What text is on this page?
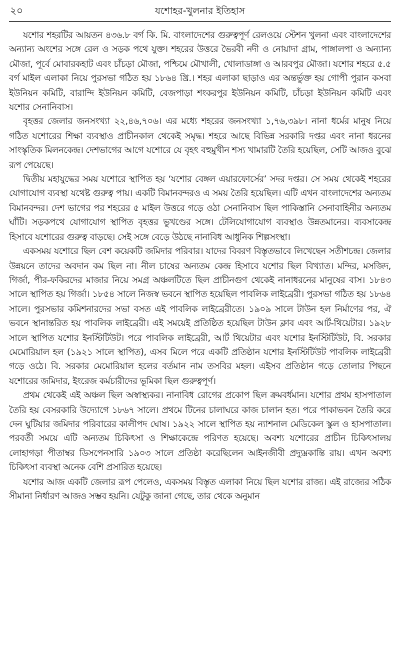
২০	যশোহর-খুলনার ইতিহাস

যশোর শহরটির আয়তন ৪৩৬.৮ বর্গ কি. মি. বাংলাদেশের গুরুত্বপূর্ণ রেলওয়ে স্টেশন খুলনা এবং বাংলাদেশের অন্যান্য অংশের সঙ্গে রেল ও সড়ক পথে যুক্ত। শহরের উত্তরে ভৈরবী নদী ও নোয়াদা গ্রাম, পাঙ্গালপা ও অন্যান্য মৌজা, পূর্বে মোবারকহাট এবং চাঁচড়া মৌজা, পশ্চিমে মৌখালী, খোলাডাঙ্গা ও আরবপুর মৌজা। যশোর শহরে ৫.৫ বর্গ মাইল এলাকা নিয়ে পুরসভা গঠিত হয় ১৮৬৪ খ্রি.। শহর এলাকা ছাড়াও এর অন্তর্ভুক্ত হয় গোপী পুরান কসবা ইউনিয়ন কমিটি, বারান্দি ইউনিয়ন কমিটি, বেজপাড়া শংকরপুর ইউনিয়ন কমিটি, চাঁচড়া ইউনিয়ন কমিটি এবং যশোর সেনানিবাস।

বৃহত্তর জেলার জনসংখ্যা ২২,৪৬,৭০৬। এর মধ্যে শহরের জনসংখ্যা ১,৭৬,৩৯৮। নানা ধর্মের মানুষ নিয়ে গঠিত যশোরের শিক্ষা ব্যবস্থাও প্রাচীনকাল থেকেই সমৃদ্ধ। শহরে আছে বিভিন্ন সরকারি দপ্তর এবং নানা ধরনের সাংস্কৃতিক মিলনকেন্দ্র। দেশভাগের আগে যশোরে যে বৃহৎ বহুমুখীন শস্য খামারটি তৈরি হয়েছিল, সেটি আজও বুঝে রূপ পেয়েছে।

দ্বিতীয় মহাযুদ্ধের সময় যশোরে স্থাপিত হয় ‘যশোর বেঙ্গল এয়ারফোর্সের’ সদর দপ্তর। সে সময় থেকেই শহরের যোগাযোগ ব্যবস্থা যথেষ্ট গুরুত্ব পায়। একটি বিমানবন্দরও এ সময় তৈরি হয়েছিল। এটি এখন বাংলাদেশের অন্যতম বিমানবন্দর। দেশ ভাগের পর শহরের ৫ মাইল উত্তরে গড়ে ওঠা সেনানিবাস ছিল পাকিস্তানি সেনাবাহিনীর অন্যতম ঘাঁটি। সড়কপথে যোগাযোগ স্থাপিত বৃহত্তর ভুখণ্ডের সঙ্গে। টেলিযোগাযোগ ব্যবস্থাও উন্নতমানের। ব্যবসাকেন্দ্র হিসাবে যশোরের গুরুত্ব বাড়ছে। সেই সঙ্গে বেড়ে উঠছে নানাবিধ আধুনিক শিল্পসংস্থা।

একসময় যশোরে ছিল বেশ কয়েকটি জমিদার পরিবার। যাদের বিবরণ বিস্তৃতভাবে লিখেছেন সতীশচন্দ্র। জেলার উন্নয়নে তাদের অবদান কম ছিল না। নীল চাষের অন্যতম কেন্দ্র হিসাবে যশোর ছিল বিখ্যাত। মন্দির, মসজিদ, গির্জা, পীর-ফকিরদের মাজার নিয়ে সমগ্র অঞ্চলটিতে ছিল প্রাচীনগুণ থেকেই নানাধরনের মানুষের বাস। ১৮৪৩ সালে স্থাপিত হয় গির্জা। ১৮৫৪ সালে নিজস্ব ভবনে স্থাপিত হয়েছিল পাবলিক লাইব্রেরী। পুরসভা গঠিত হয় ১৮৬৪ সালে। পুরসভার কমিশনারদের সভা বসত এই পাবলিক লাইব্রেরীতে। ১৯০৯ সালে টাউন হল নির্মাণের পর, ঐ ভবনে স্থানান্তরিত হয় পাবলিক লাইব্রেরী। এই সময়েই প্রতিষ্ঠিত হয়েছিল টাউন ক্লাব এবং আর্ট-থিয়েটার। ১৯২৮ সালে স্থাপিত যশোর ইনস্টিটিউট। পরে পাবলিক লাইব্রেরী, আর্ট থিয়েটার এবং যশোর ইনস্টিটিউট, বি. সরকার মেমোরিয়াল হল (১৯২১ সালে স্থাপিত), এসব মিলে পরে একটি প্রতিষ্ঠান যশোর ইনস্টিটিউট পাবলিক লাইব্রেরী গড়ে ওঠে। বি. সরকার মেমোরিয়াল হলের বর্তমান নাম তসবির মহল। এইসব প্রতিষ্ঠান গড়ে তোলার পিছনে যশোরের জমিদার, ইংরেজ কর্মচারীদের ভূমিকা ছিল গুরুত্বপূর্ণ।

প্রথম থেকেই এই অঞ্চল ছিল অস্বাস্থ্যকর। নানাবিধ রোগের প্রকোপ ছিল ক্রমবর্ধমান। যশোর প্রথম হাসপাতাল তৈরি হয় বেসরকারি উদ্যোগে ১৮৬৭ সালে। প্রথমে টিনের চালাঘরে কাজ চালান হত। পরে পাকাভবন তৈরি করে দেন ঘুটিয়ার জমিদার পরিবারের কালীপদ ঘোষ। ১৯২২ সালে স্থাপিত হয় ন্যাশনাল মেডিকেল স্কুল ও হাসপাতাল। পরবর্তী সময়ে এটি অন্যতম চিকিৎসা ও শিক্ষাকেন্দ্রে পরিণত হয়েছে। অবশ্য যশোরের প্রাচীন চিকিৎসালয় লোহাগড়া পীতাম্বর ডিসপেনসারি ১৯০৩ সালে প্রতিষ্ঠা করেছিলেন আইনজীবী প্রদ্যুম্নকান্তি রায়। এখন অবশ্য চিকিৎসা ব্যবস্থা অনেক বেশি প্রসারিত হয়েছে।

যশোর আজ একটি জেলার রূপ পেলেও, একসময় বিস্তৃত এলাকা নিয়ে ছিল যশোর রাজ্য। এই রাজ্যের সঠিক সীমানা নির্ধারণ আজও সম্ভব হয়নি। যেটুকু জানা গেছে, তার থেকে অনুমান
